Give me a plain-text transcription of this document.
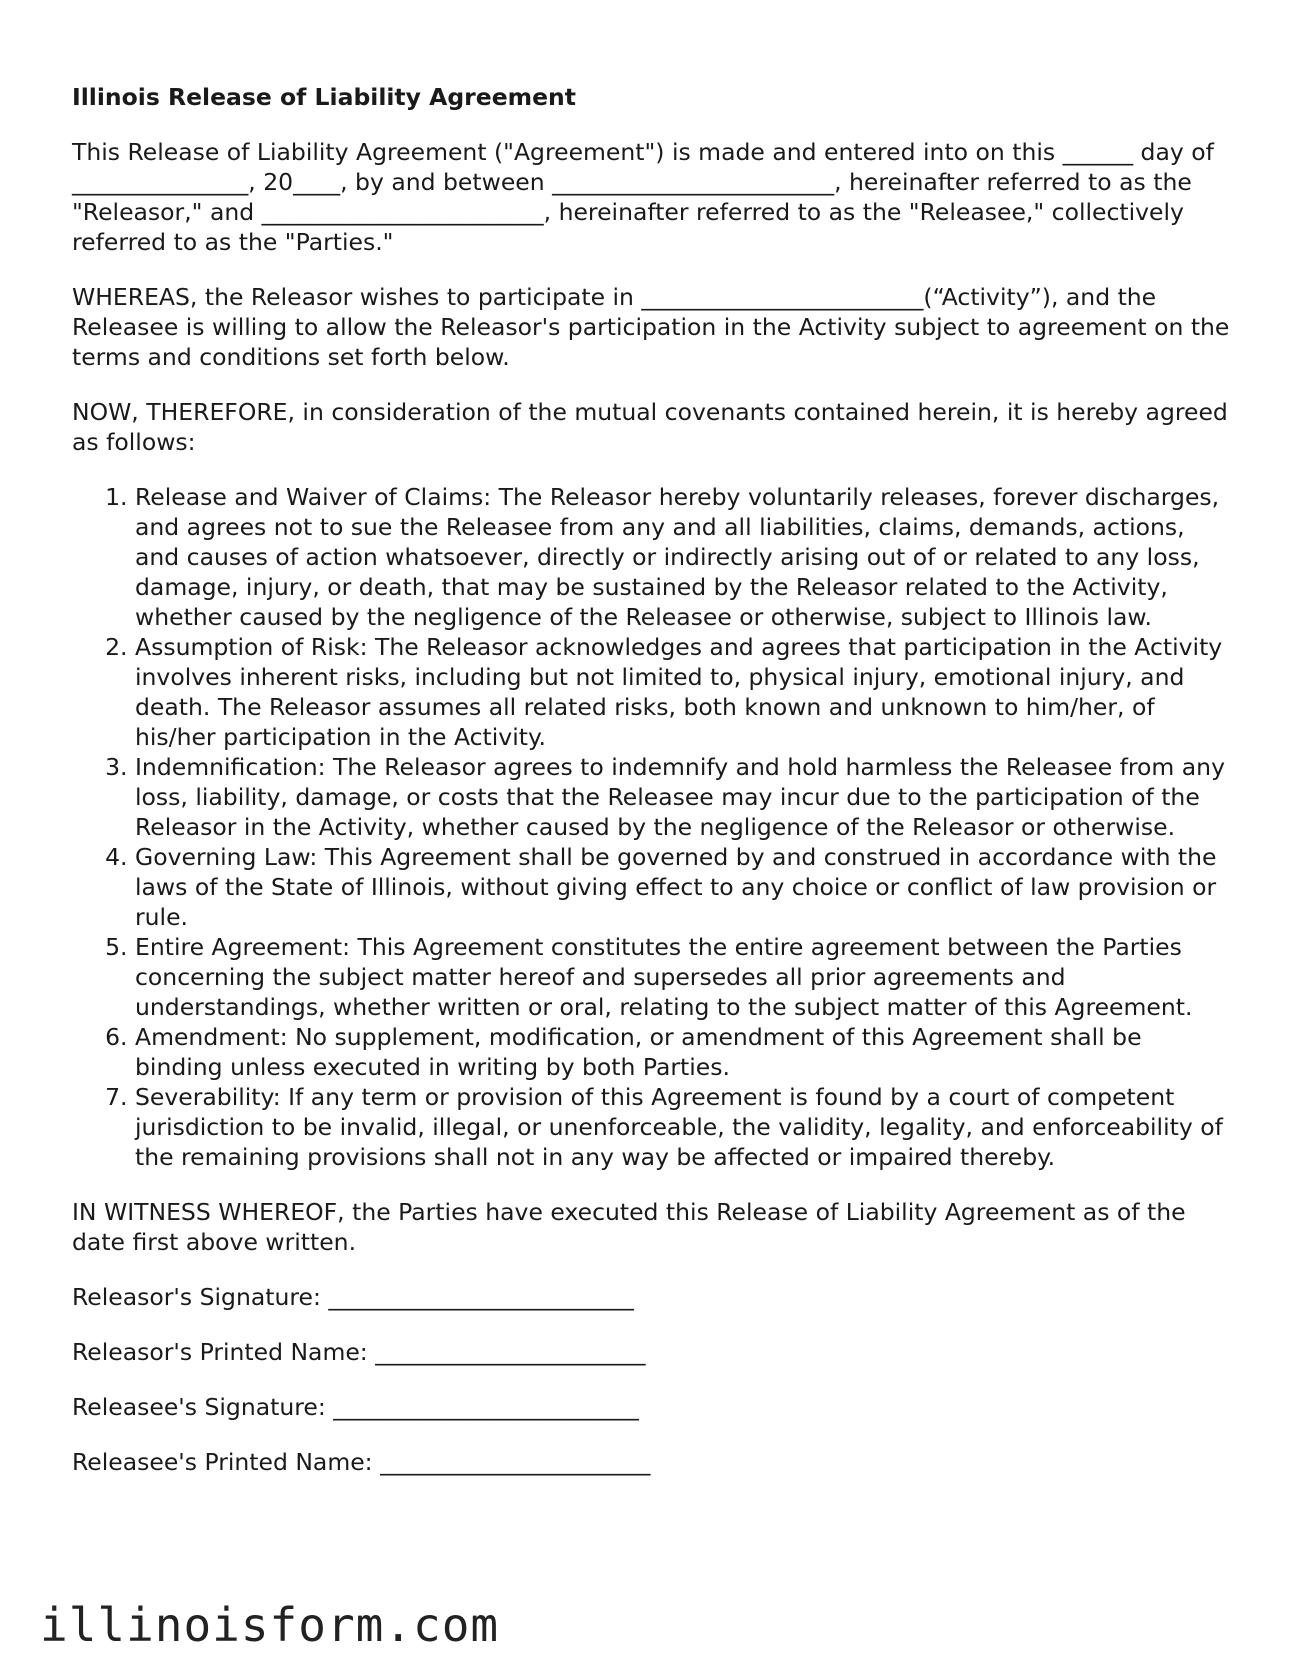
Illinois Release of Liability Agreement

This Release of Liability Agreement ("Agreement") is made and entered into on this ______ day of _______________, 20____, by and between ________________________, hereinafter referred to as the "Releasor," and ________________________, hereinafter referred to as the "Releasee," collectively referred to as the "Parties."

WHEREAS, the Releasor wishes to participate in ________________________(“Activity”), and the Releasee is willing to allow the Releasor's participation in the Activity subject to agreement on the terms and conditions set forth below.

NOW, THEREFORE, in consideration of the mutual covenants contained herein, it is hereby agreed as follows:

1. Release and Waiver of Claims: The Releasor hereby voluntarily releases, forever discharges, and agrees not to sue the Releasee from any and all liabilities, claims, demands, actions, and causes of action whatsoever, directly or indirectly arising out of or related to any loss, damage, injury, or death, that may be sustained by the Releasor related to the Activity, whether caused by the negligence of the Releasee or otherwise, subject to Illinois law.
2. Assumption of Risk: The Releasor acknowledges and agrees that participation in the Activity involves inherent risks, including but not limited to, physical injury, emotional injury, and death. The Releasor assumes all related risks, both known and unknown to him/her, of his/her participation in the Activity.
3. Indemnification: The Releasor agrees to indemnify and hold harmless the Releasee from any loss, liability, damage, or costs that the Releasee may incur due to the participation of the Releasor in the Activity, whether caused by the negligence of the Releasor or otherwise.
4. Governing Law: This Agreement shall be governed by and construed in accordance with the laws of the State of Illinois, without giving effect to any choice or conflict of law provision or rule.
5. Entire Agreement: This Agreement constitutes the entire agreement between the Parties concerning the subject matter hereof and supersedes all prior agreements and understandings, whether written or oral, relating to the subject matter of this Agreement.
6. Amendment: No supplement, modification, or amendment of this Agreement shall be binding unless executed in writing by both Parties.
7. Severability: If any term or provision of this Agreement is found by a court of competent jurisdiction to be invalid, illegal, or unenforceable, the validity, legality, and enforceability of the remaining provisions shall not in any way be affected or impaired thereby.

IN WITNESS WHEREOF, the Parties have executed this Release of Liability Agreement as of the date first above written.

Releasor's Signature: __________________________
Releasor's Printed Name: _______________________
Releasee's Signature: __________________________
Releasee's Printed Name: _______________________
illinoisform.com
